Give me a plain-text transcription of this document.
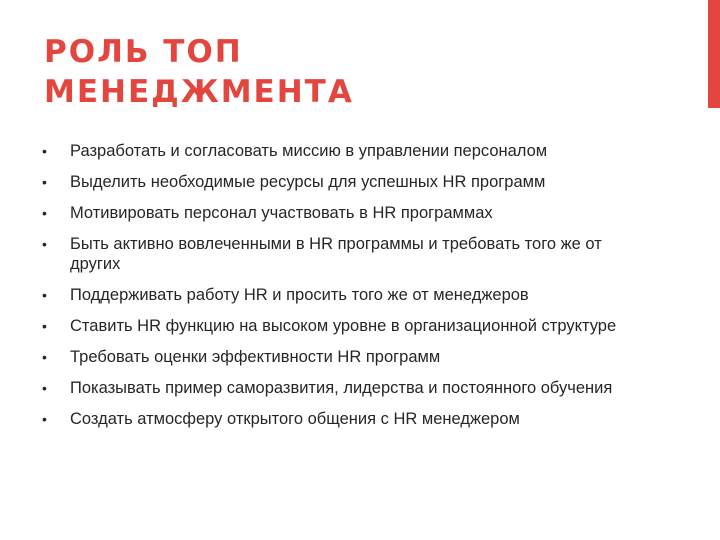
РОЛЬ ТОП
МЕНЕДЖМЕНТА
• Разработать и согласовать миссию в управлении персоналом
• Выделить необходимые ресурсы для успешных HR программ
• Мотивировать персонал участвовать в HR программах
• Быть активно вовлеченными в HR программы и требовать того же от других
• Поддерживать работу HR и просить того же от менеджеров
• Ставить HR функцию на высоком уровне в организационной структуре
• Требовать оценки эффективности HR программ
• Показывать пример саморазвития, лидерства и постоянного обучения
• Создать атмосферу открытого общения с HR менеджером
